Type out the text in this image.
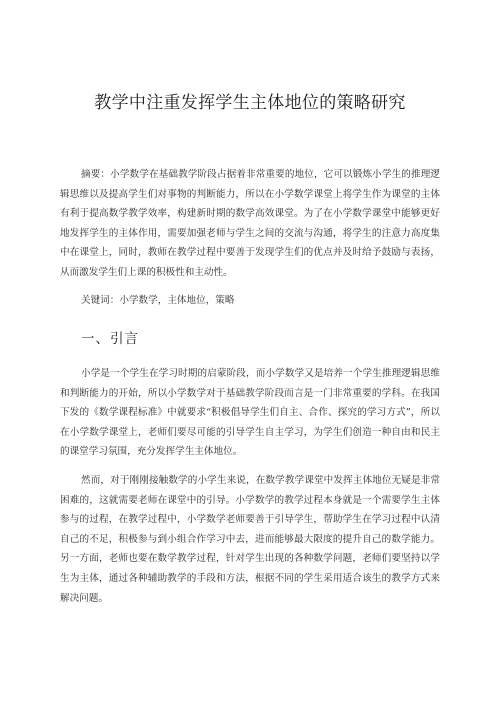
教学中注重发挥学生主体地位的策略研究

摘要：小学数学在基础教学阶段占据着非常重要的地位，它可以锻炼小学生的推理逻辑思维以及提高学生们对事物的判断能力，所以在小学数学课堂上将学生作为课堂的主体有利于提高数学教学效率，构建新时期的数学高效课堂。为了在小学数学课堂中能够更好地发挥学生的主体作用，需要加强老师与学生之间的交流与沟通，将学生的注意力高度集中在课堂上，同时，教师在教学过程中要善于发现学生们的优点并及时给予鼓励与表扬，从而激发学生们上课的积极性和主动性。

关键词：小学数学，主体地位，策略
一、引言

小学是一个学生在学习时期的启蒙阶段，而小学数学又是培养一个学生推理逻辑思维和判断能力的开始，所以小学数学对于基础教学阶段而言是一门非常重要的学科。在我国下发的《数学课程标准》中就要求“积极倡导学生们自主、合作、探究的学习方式”，所以在小学数学课堂上，老师们要尽可能的引导学生自主学习，为学生们创造一种自由和民主的课堂学习氛围，充分发挥学生主体地位。

然而，对于刚刚接触数学的小学生来说，在数学教学课堂中发挥主体地位无疑是非常困难的，这就需要老师在课堂中的引导。小学数学的教学过程本身就是一个需要学生主体参与的过程，在教学过程中，小学数学老师要善于引导学生，帮助学生在学习过程中认清自己的不足，积极参与到小组合作学习中去，进而能够最大限度的提升自己的数学能力。另一方面，老师也要在数学教学过程，针对学生出现的各种数学问题，老师们要坚持以学生为主体，通过各种辅助教学的手段和方法，根据不同的学生采用适合该生的教学方式来解决问题。
